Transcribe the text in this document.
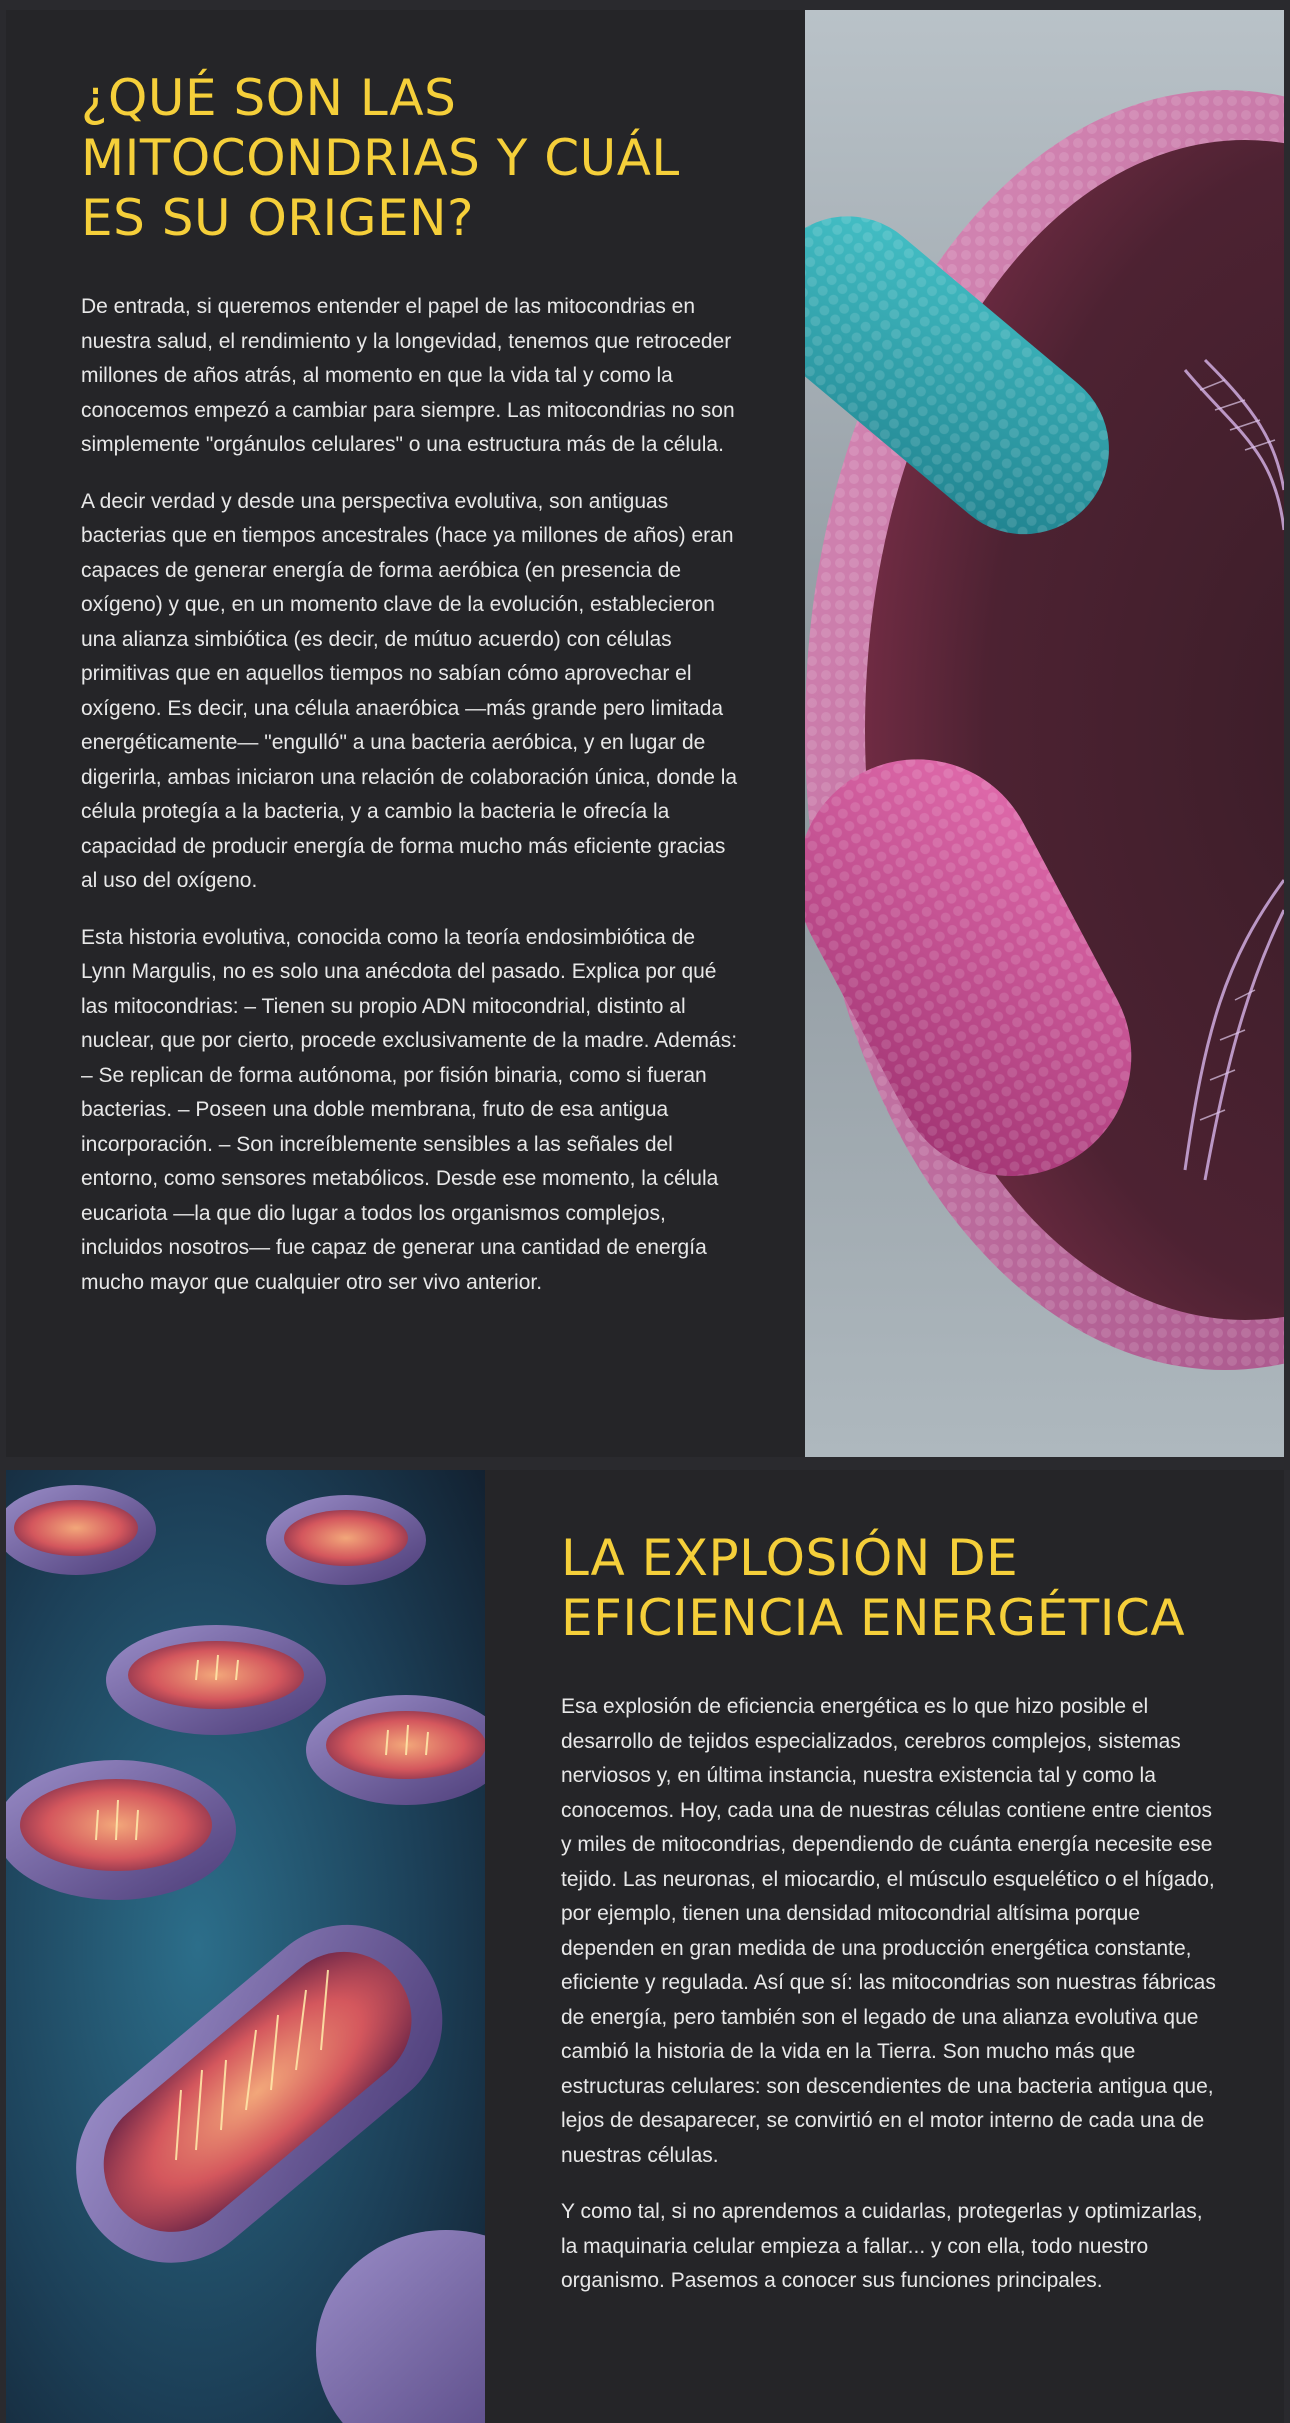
¿QUÉ SON LAS MITOCONDRIAS Y CUÁL ES SU ORIGEN?

De entrada, si queremos entender el papel de las mitocondrias en nuestra salud, el rendimiento y la longevidad, tenemos que retroceder millones de años atrás, al momento en que la vida tal y como la conocemos empezó a cambiar para siempre. Las mitocondrias no son simplemente "orgánulos celulares" o una estructura más de la célula.

A decir verdad y desde una perspectiva evolutiva, son antiguas bacterias que en tiempos ancestrales (hace ya millones de años) eran capaces de generar energía de forma aeróbica (en presencia de oxígeno) y que, en un momento clave de la evolución, establecieron una alianza simbiótica (es decir, de mútuo acuerdo) con células primitivas que en aquellos tiempos no sabían cómo aprovechar el oxígeno. Es decir, una célula anaeróbica —más grande pero limitada energéticamente— "engulló" a una bacteria aeróbica, y en lugar de digerirla, ambas iniciaron una relación de colaboración única, donde la célula protegía a la bacteria, y a cambio la bacteria le ofrecía la capacidad de producir energía de forma mucho más eficiente gracias al uso del oxígeno.

Esta historia evolutiva, conocida como la teoría endosimbiótica de Lynn Margulis, no es solo una anécdota del pasado. Explica por qué las mitocondrias: – Tienen su propio ADN mitocondrial, distinto al nuclear, que por cierto, procede exclusivamente de la madre. Además: – Se replican de forma autónoma, por fisión binaria, como si fueran bacterias. – Poseen una doble membrana, fruto de esa antigua incorporación. – Son increíblemente sensibles a las señales del entorno, como sensores metabólicos. Desde ese momento, la célula eucariota —la que dio lugar a todos los organismos complejos, incluidos nosotros— fue capaz de generar una cantidad de energía mucho mayor que cualquier otro ser vivo anterior.

LA EXPLOSIÓN DE EFICIENCIA ENERGÉTICA

Esa explosión de eficiencia energética es lo que hizo posible el desarrollo de tejidos especializados, cerebros complejos, sistemas nerviosos y, en última instancia, nuestra existencia tal y como la conocemos. Hoy, cada una de nuestras células contiene entre cientos y miles de mitocondrias, dependiendo de cuánta energía necesite ese tejido. Las neuronas, el miocardio, el músculo esquelético o el hígado, por ejemplo, tienen una densidad mitocondrial altísima porque dependen en gran medida de una producción energética constante, eficiente y regulada. Así que sí: las mitocondrias son nuestras fábricas de energía, pero también son el legado de una alianza evolutiva que cambió la historia de la vida en la Tierra. Son mucho más que estructuras celulares: son descendientes de una bacteria antigua que, lejos de desaparecer, se convirtió en el motor interno de cada una de nuestras células.

Y como tal, si no aprendemos a cuidarlas, protegerlas y optimizarlas, la maquinaria celular empieza a fallar... y con ella, todo nuestro organismo. Pasemos a conocer sus funciones principales.
